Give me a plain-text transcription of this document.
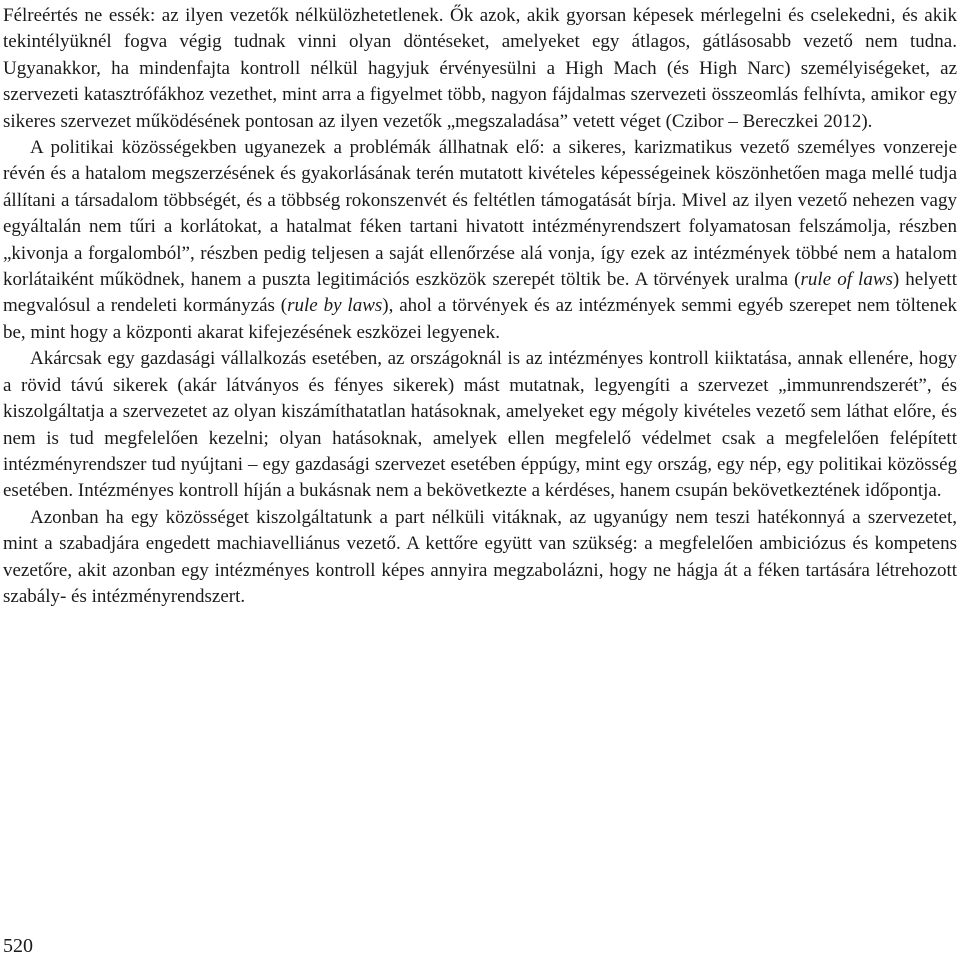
Félreértés ne essék: az ilyen vezetők nélkülözhetetlenek. Ők azok, akik gyorsan képesek mérlegelni és cselekedni, és akik tekintélyüknél fogva végig tudnak vinni olyan döntéseket, amelyeket egy átlagos, gátlásosabb vezető nem tudna. Ugyanakkor, ha mindenfajta kontroll nélkül hagyjuk érvényesülni a High Mach (és High Narc) személyiségeket, az szervezeti katasztrófákhoz vezethet, mint arra a figyelmet több, nagyon fájdalmas szervezeti összeomlás felhívta, amikor egy sikeres szervezet működésének pontosan az ilyen vezetők „megszaladása” vetett véget (Czibor – Bereczkei 2012).

A politikai közösségekben ugyanezek a problémák állhatnak elő: a sikeres, karizmatikus vezető személyes vonzereje révén és a hatalom megszerzésének és gyakorlásának terén mutatott kivételes képességeinek köszönhetően maga mellé tudja állítani a társadalom többségét, és a többség rokonszenvét és feltétlen támogatását bírja. Mivel az ilyen vezető nehezen vagy egyáltalán nem tűri a korlátokat, a hatalmat féken tartani hivatott intézményrendszert folyamatosan felszámolja, részben „kivonja a forgalomból”, részben pedig teljesen a saját ellenőrzése alá vonja, így ezek az intézmények többé nem a hatalom korlátaiként működnek, hanem a puszta legitimációs eszközök szerepét töltik be. A törvények uralma (rule of laws) helyett megvalósul a rendeleti kormányzás (rule by laws), ahol a törvények és az intézmények semmi egyéb szerepet nem töltenek be, mint hogy a központi akarat kifejezésének eszközei legyenek.

Akárcsak egy gazdasági vállalkozás esetében, az országoknál is az intézményes kontroll kiiktatása, annak ellenére, hogy a rövid távú sikerek (akár látványos és fényes sikerek) mást mutatnak, legyengíti a szervezet „immunrendszerét”, és kiszolgáltatja a szervezetet az olyan kiszámíthatatlan hatásoknak, amelyeket egy mégoly kivételes vezető sem láthat előre, és nem is tud megfelelően kezelni; olyan hatásoknak, amelyek ellen megfelelő védelmet csak a megfelelően felépített intézményrendszer tud nyújtani – egy gazdasági szervezet esetében éppúgy, mint egy ország, egy nép, egy politikai közösség esetében. Intézményes kontroll híján a bukásnak nem a bekövetkezte a kérdéses, hanem csupán bekövetkeztének időpontja.

Azonban ha egy közösséget kiszolgáltatunk a part nélküli vitáknak, az ugyanúgy nem teszi hatékonnyá a szervezetet, mint a szabadjára engedett machiavelliánus vezető. A kettőre együtt van szükség: a megfelelően ambiciózus és kompetens vezetőre, akit azonban egy intézményes kontroll képes annyira megzabolázni, hogy ne hágja át a féken tartására létrehozott szabály- és intézményrendszert.

520
